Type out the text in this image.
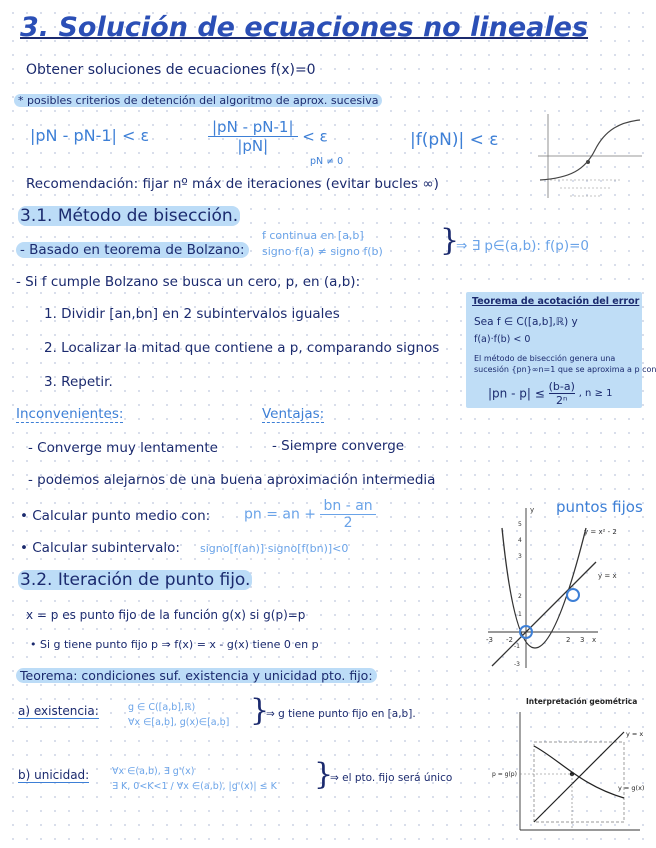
3. Solución de ecuaciones no lineales
Obtener soluciones de ecuaciones f(x)=0
* posibles criterios de detención del algoritmo de aprox. sucesiva
|pN - pN-1| < ε	$\frac{|pN - pN-1|}{|pN|} < \varepsilon$
pN ≠ 0
|f(pN)| < ε
Recomendación: fijar nº máx de iteraciones (evitar bucles ∞)
3.1. Método de bisección.
- Basado en teorema de Bolzano:
f continua en [a,b]
signo f(a) ≠ signo f(b) }
⇒ ∃ p∈(a,b): f(p)=0
- Si f cumple Bolzano se busca un cero, p, en (a,b):
1. Dividir [an,bn] en 2 subintervalos iguales
2. Localizar la mitad que contiene a p, comparando signos
3. Repetir.
Teorema de acotación del error
Sea f ∈ C([a,b],ℝ) y
f(a)·f(b) < 0
El método de bisección genera una
sucesión {pn}∞n=1 que se aproxima a p con
$|pn - p| \le \frac{(b-a)}{\text{2ⁿ}}$ , n ≥ 1
Inconvenientes:	Ventajas:
- Converge muy lentamente	- Siempre converge
- podemos alejarnos de una buena aproximación intermedia
• Calcular punto medio con: pn = an + $\frac{bn - an}{2}$
• Calcular subintervalo: signo[f(an)]·signo[f(bn)]<0
puntos fijos
y = x² - 2
y = x
-3 -2	2 3 x
y
5
4
3
2
1
-1
-3
3.2. Iteración de punto fijo.
x = p es punto fijo de la función g(x) si g(p)=p
• Si g tiene punto fijo p ⇒ f(x) = x - g(x) tiene 0 en p
Teorema: condiciones suf. existencia y unicidad pto. fijo:
a) existencia:	g ∈ C([a,b],ℝ)
∀x ∈[a,b], g(x)∈[a,b] }
⇒ g tiene punto fijo en [a,b].
b) unicidad: ∀x ∈(a,b), ∃ g'(x)
∃ K, 0<K<1 / ∀x ∈(a,b), |g'(x)| ≤ K }
⇒ el pto. fijo será único
Interpretación geométrica
y = x
y = g(x)
p = g(p)
